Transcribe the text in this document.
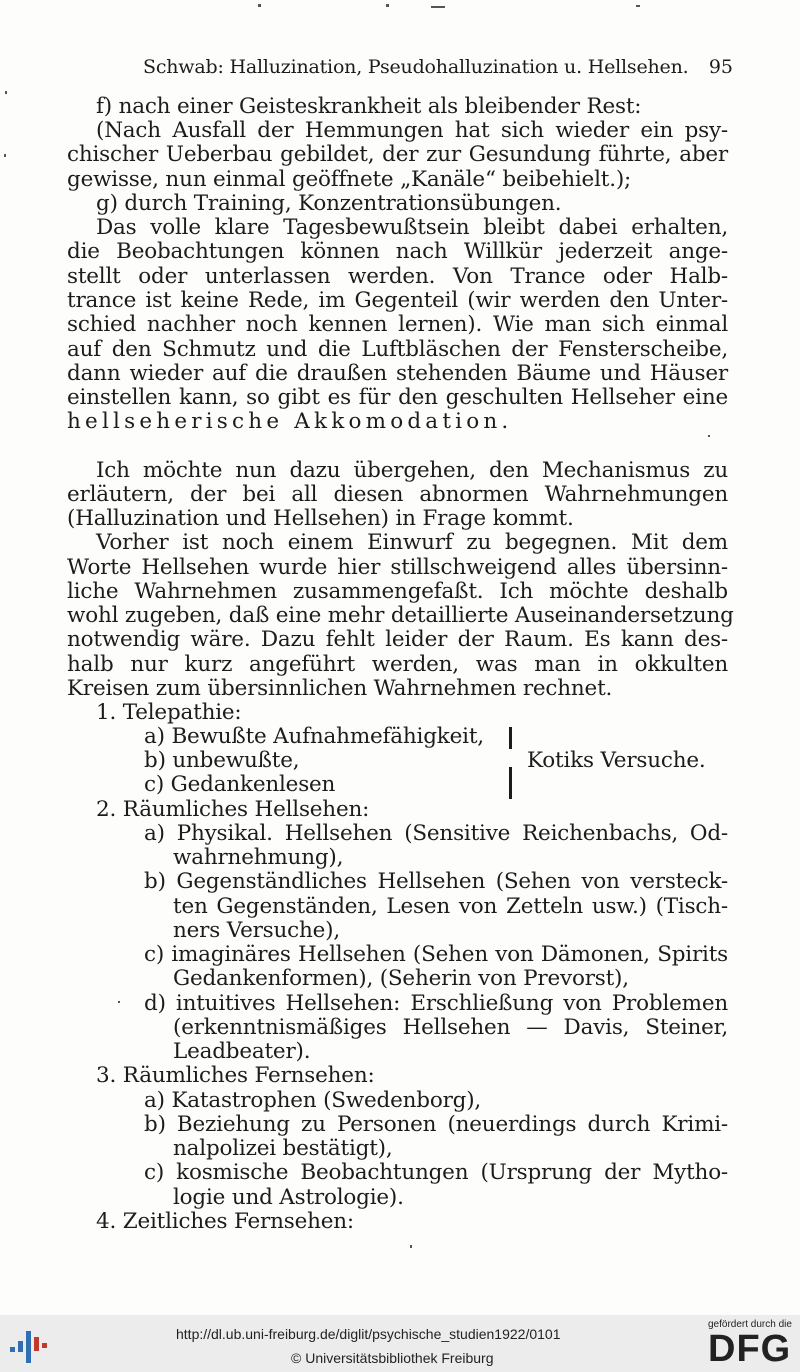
Schwab: Halluzination, Pseudohalluzination u. Hellsehen. 95
f) nach einer Geisteskrankheit als bleibender Rest:
(Nach Ausfall der Hemmungen hat sich wieder ein psy-
chischer Ueberbau gebildet, der zur Gesundung führte, aber
gewisse, nun einmal geöffnete „Kanäle“ beibehielt.);
g) durch Training, Konzentrationsübungen.
Das volle klare Tagesbewußtsein bleibt dabei erhalten,
die Beobachtungen können nach Willkür jederzeit ange-
stellt oder unterlassen werden. Von Trance oder Halb-
trance ist keine Rede, im Gegenteil (wir werden den Unter-
schied nachher noch kennen lernen). Wie man sich einmal
auf den Schmutz und die Luftbläschen der Fensterscheibe,
dann wieder auf die draußen stehenden Bäume und Häuser
einstellen kann, so gibt es für den geschulten Hellseher eine
hellseherische Akkomodation.
Ich möchte nun dazu übergehen, den Mechanismus zu
erläutern, der bei all diesen abnormen Wahrnehmungen
(Halluzination und Hellsehen) in Frage kommt.
Vorher ist noch einem Einwurf zu begegnen. Mit dem
Worte Hellsehen wurde hier stillschweigend alles übersinn-
liche Wahrnehmen zusammengefaßt. Ich möchte deshalb
wohl zugeben, daß eine mehr detaillierte Auseinandersetzung
notwendig wäre. Dazu fehlt leider der Raum. Es kann des-
halb nur kurz angeführt werden, was man in okkulten
Kreisen zum übersinnlichen Wahrnehmen rechnet.
1. Telepathie:
a) Bewußte Aufnahmefähigkeit,
b) unbewußte,	Kotiks Versuche.
c) Gedankenlesen
2. Räumliches Hellsehen:
a) Physikal. Hellsehen (Sensitive Reichenbachs, Od-
wahrnehmung),
b) Gegenständliches Hellsehen (Sehen von versteck-
ten Gegenständen, Lesen von Zetteln usw.) (Tisch-
ners Versuche),
c) imaginäres Hellsehen (Sehen von Dämonen, Spirits
Gedankenformen), (Seherin von Prevorst),
d) intuitives Hellsehen: Erschließung von Problemen
(erkenntnismäßiges Hellsehen — Davis, Steiner,
Leadbeater).
3. Räumliches Fernsehen:
a) Katastrophen (Swedenborg),
b) Beziehung zu Personen (neuerdings durch Krimi-
nalpolizei bestätigt),
c) kosmische Beobachtungen (Ursprung der Mytho-
logie und Astrologie).
4. Zeitliches Fernsehen:
http://dl.ub.uni-freiburg.de/diglit/psychische_studien1922/0101
© Universitätsbibliothek Freiburg
gefördert durch die
DFG
